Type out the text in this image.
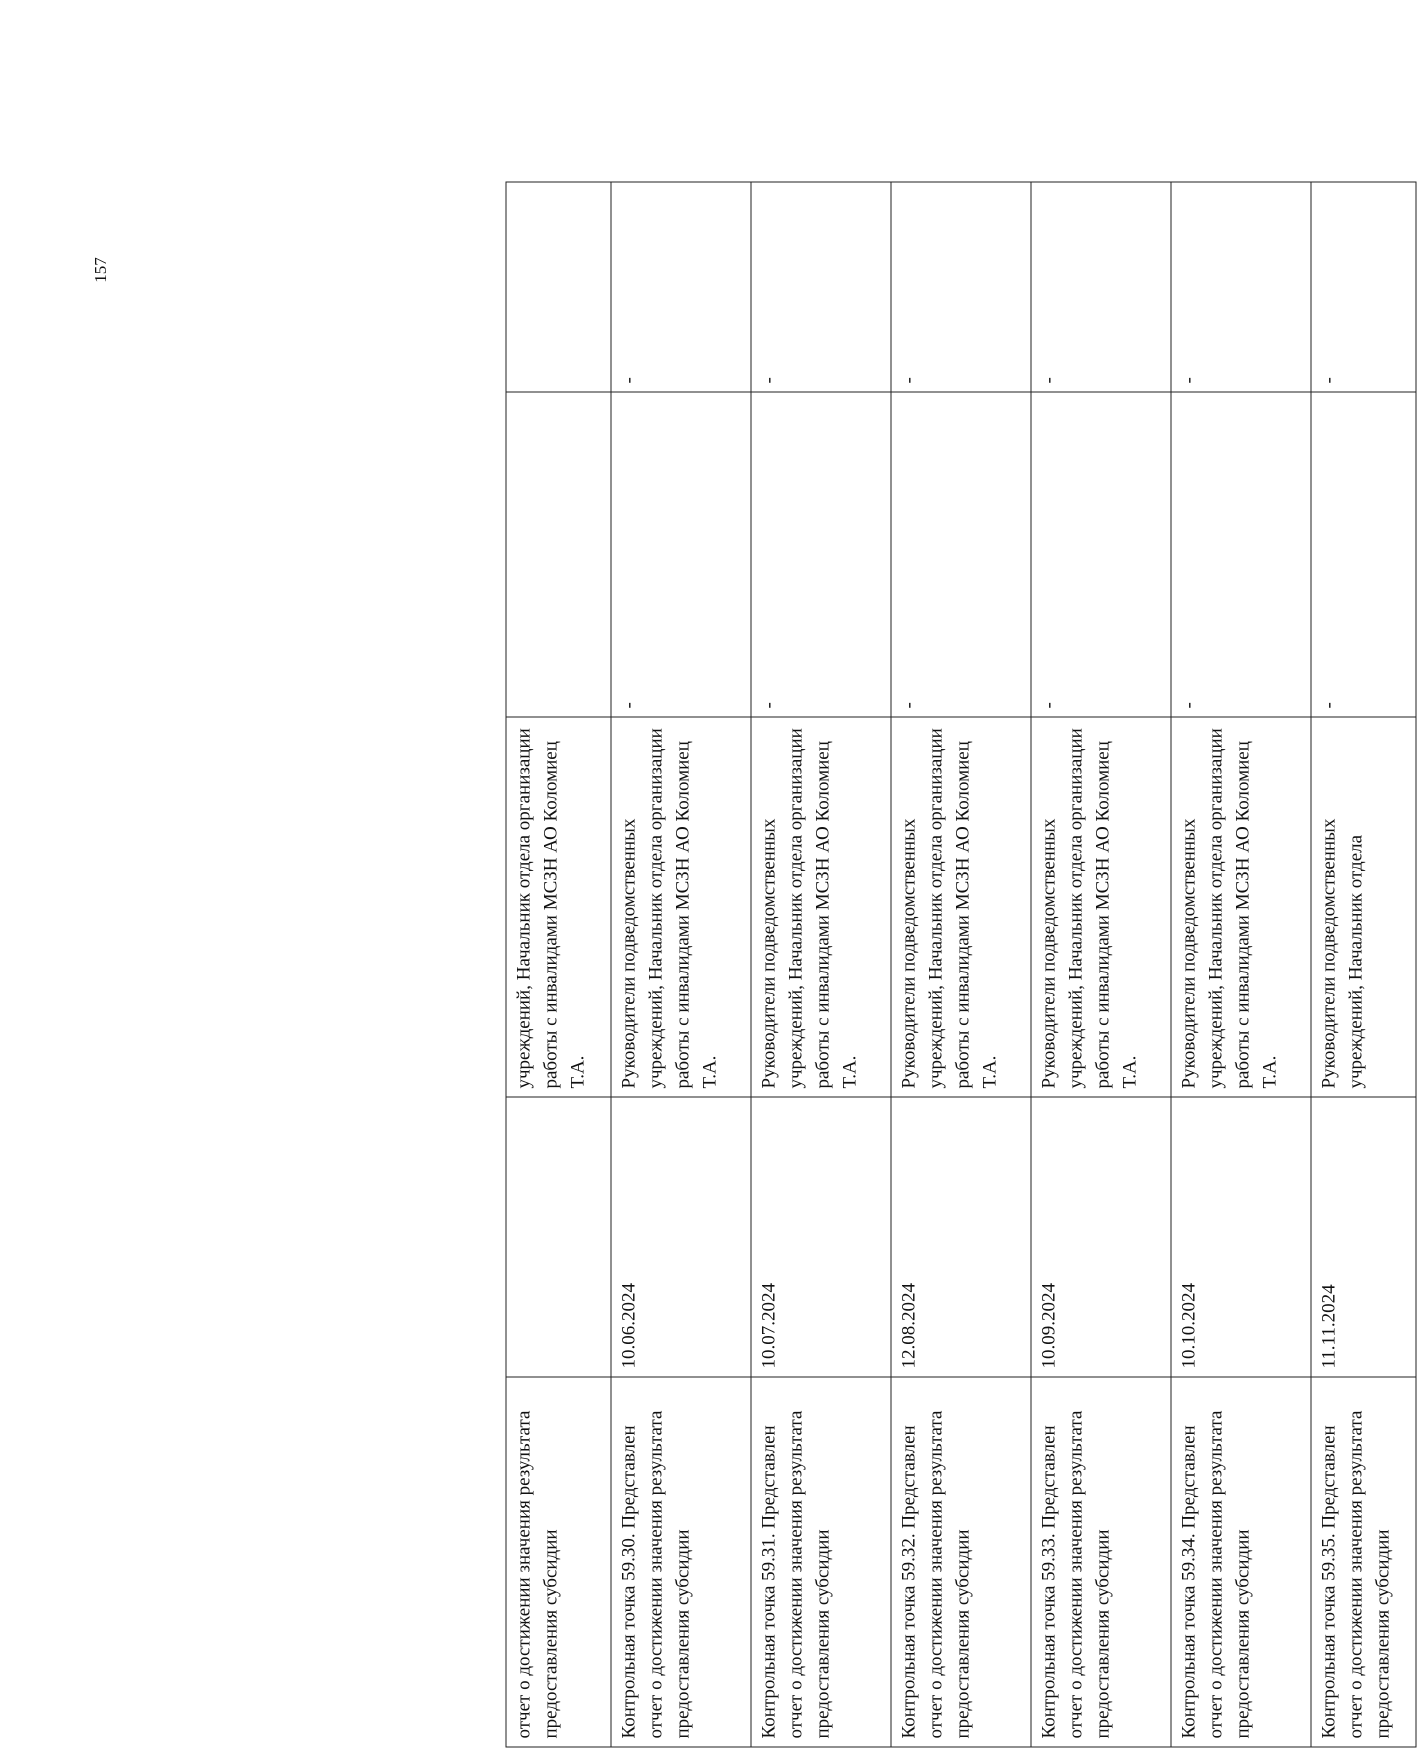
157
отчет о достижении значения результата предоставления субсидии		учреждений, Начальник отдела организации работы с инвалидами МСЗН АО Коломиец Т.А.		
Контрольная точка 59.30. Представлен отчет о достижении значения результата предоставления субсидии	10.06.2024	Руководители подведомственных учреждений, Начальник отдела организации работы с инвалидами МСЗН АО Коломиец Т.А.	-	-
Контрольная точка 59.31. Представлен отчет о достижении значения результата предоставления субсидии	10.07.2024	Руководители подведомственных учреждений, Начальник отдела организации работы с инвалидами МСЗН АО Коломиец Т.А.	-	-
Контрольная точка 59.32. Представлен отчет о достижении значения результата предоставления субсидии	12.08.2024	Руководители подведомственных учреждений, Начальник отдела организации работы с инвалидами МСЗН АО Коломиец Т.А.	-	-
Контрольная точка 59.33. Представлен отчет о достижении значения результата предоставления субсидии	10.09.2024	Руководители подведомственных учреждений, Начальник отдела организации работы с инвалидами МСЗН АО Коломиец Т.А.	-	-
Контрольная точка 59.34. Представлен отчет о достижении значения результата предоставления субсидии	10.10.2024	Руководители подведомственных учреждений, Начальник отдела организации работы с инвалидами МСЗН АО Коломиец Т.А.	-	-
Контрольная точка 59.35. Представлен отчет о достижении значения результата предоставления субсидии	11.11.2024	Руководители подведомственных учреждений, Начальник отдела	-	-
